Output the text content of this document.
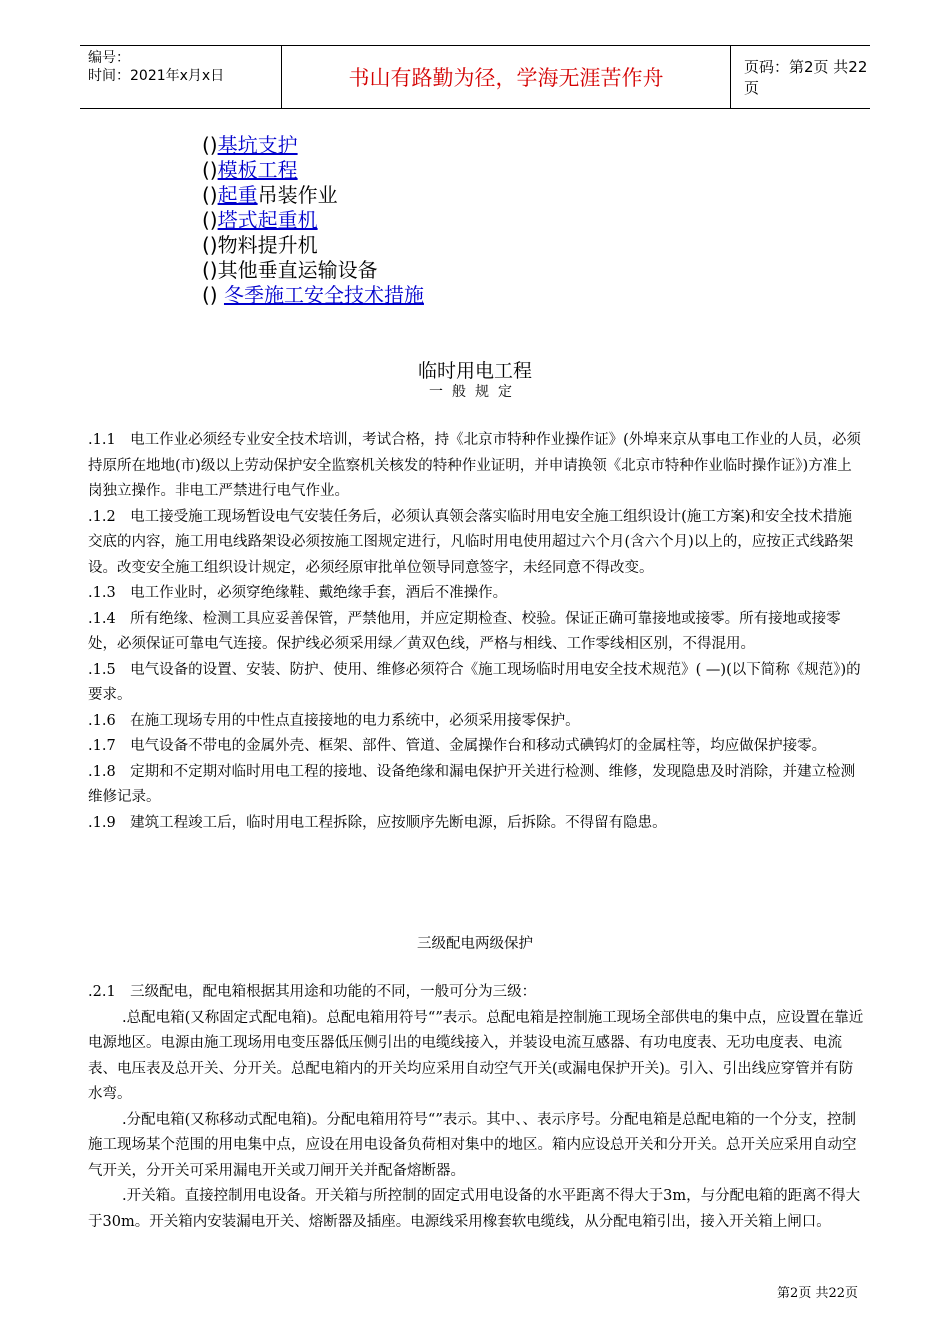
编号：
时间：2021年x月x日	书山有路勤为径，学海无涯苦作舟	页码：第2页 共22页
()基坑支护
()模板工程
()起重吊装作业
()塔式起重机
()物料提升机
()其他垂直运输设备
() 冬季施工安全技术措施
临时用电工程
一般规定

.1.1　电工作业必须经专业安全技术培训，考试合格，持《北京市特种作业操作证》(外埠来京从事电工作业的人员，必须持原所在地地(市)级以上劳动保护安全监察机关核发的特种作业证明，并申请换领《北京市特种作业临时操作证》)方准上岗独立操作。非电工严禁进行电气作业。

.1.2　电工接受施工现场暂设电气安装任务后，必须认真领会落实临时用电安全施工组织设计(施工方案)和安全技术措施交底的内容，施工用电线路架设必须按施工图规定进行，凡临时用电使用超过六个月(含六个月)以上的，应按正式线路架设。改变安全施工组织设计规定，必须经原审批单位领导同意签字，未经同意不得改变。

.1.3　电工作业时，必须穿绝缘鞋、戴绝缘手套，酒后不准操作。

.1.4　所有绝缘、检测工具应妥善保管，严禁他用，并应定期检查、校验。保证正确可靠接地或接零。所有接地或接零处，必须保证可靠电气连接。保护线必须采用绿／黄双色线，严格与相线、工作零线相区别，不得混用。

.1.5　电气设备的设置、安装、防护、使用、维修必须符合《施工现场临时用电安全技术规范》( —)(以下简称《规范》)的要求。

.1.6　在施工现场专用的中性点直接接地的电力系统中，必须采用接零保护。

.1.7　电气设备不带电的金属外壳、框架、部件、管道、金属操作台和移动式碘钨灯的金属柱等，均应做保护接零。

.1.8　定期和不定期对临时用电工程的接地、设备绝缘和漏电保护开关进行检测、维修，发现隐患及时消除，并建立检测维修记录。

.1.9　建筑工程竣工后，临时用电工程拆除，应按顺序先断电源，后拆除。不得留有隐患。

三级配电两级保护

.2.1　三级配电，配电箱根据其用途和功能的不同，一般可分为三级：

.总配电箱(又称固定式配电箱)。总配电箱用符号“”表示。总配电箱是控制施工现场全部供电的集中点，应设置在靠近电源地区。电源由施工现场用电变压器低压侧引出的电缆线接入，并装设电流互感器、有功电度表、无功电度表、电流表、电压表及总开关、分开关。总配电箱内的开关均应采用自动空气开关(或漏电保护开关)。引入、引出线应穿管并有防水弯。

.分配电箱(又称移动式配电箱)。分配电箱用符号“”表示。其中、、表示序号。分配电箱是总配电箱的一个分支，控制施工现场某个范围的用电集中点，应设在用电设备负荷相对集中的地区。箱内应设总开关和分开关。总开关应采用自动空气开关，分开关可采用漏电开关或刀闸开关并配备熔断器。

.开关箱。直接控制用电设备。开关箱与所控制的固定式用电设备的水平距离不得大于3m，与分配电箱的距离不得大于30m。开关箱内安装漏电开关、熔断器及插座。电源线采用橡套软电缆线，从分配电箱引出，接入开关箱上闸口。

第2页 共22页
